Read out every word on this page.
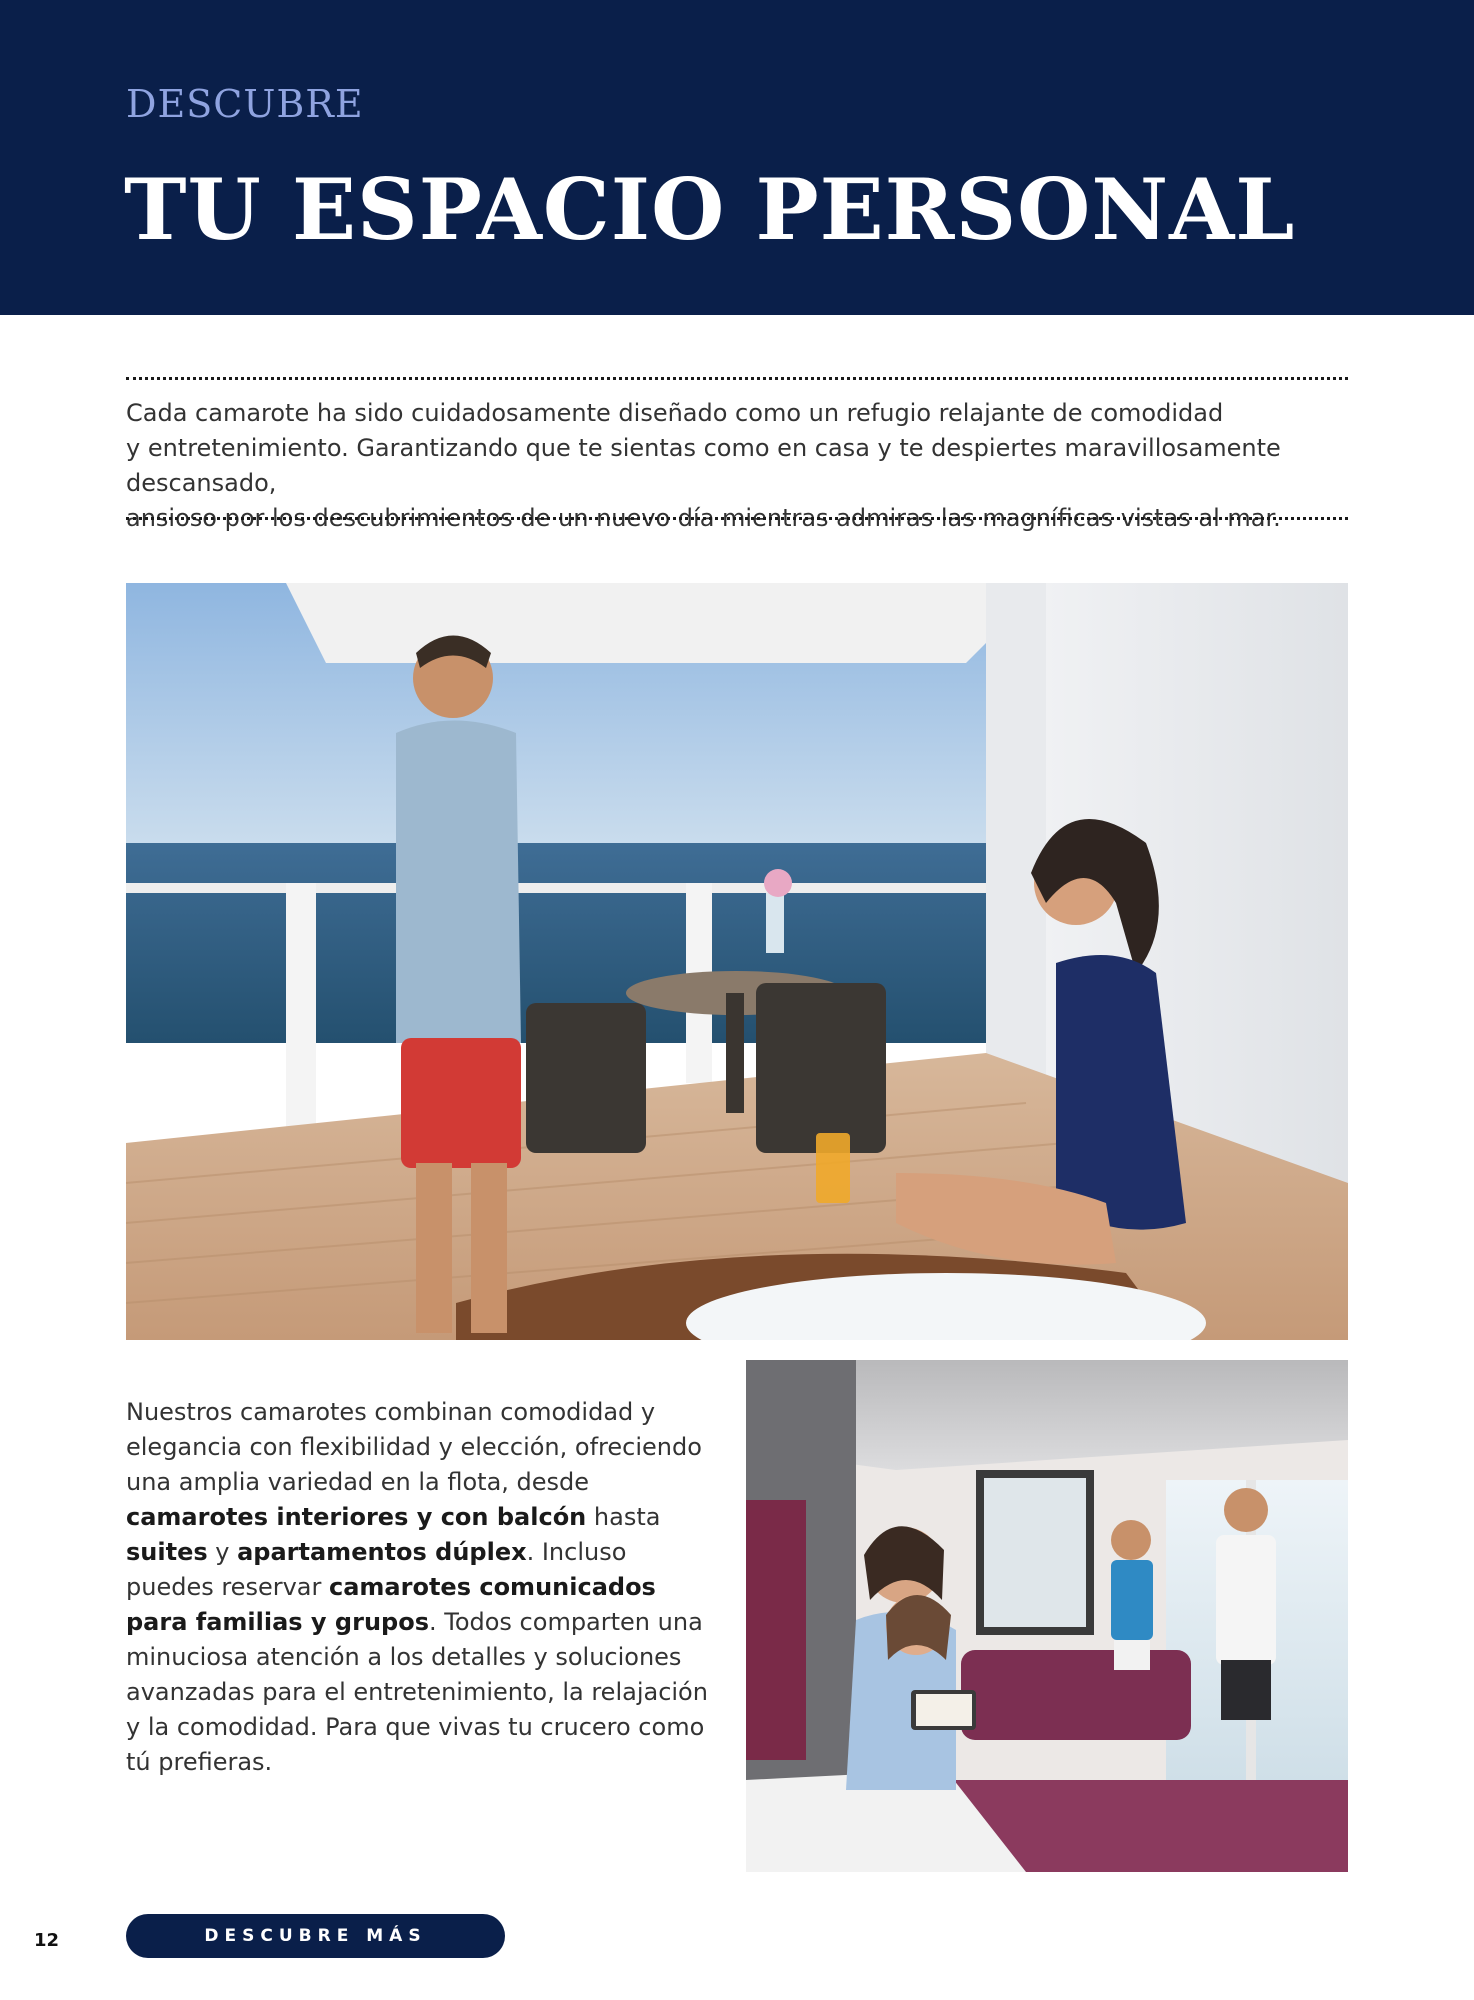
DESCUBRE
TU ESPACIO PERSONAL
Cada camarote ha sido cuidadosamente diseñado como un refugio relajante de comodidad
y entretenimiento. Garantizando que te sientas como en casa y te despiertes maravillosamente descansado,
ansioso por los descubrimientos de un nuevo día mientras admiras las magníficas vistas al mar.
Nuestros camarotes combinan comodidad y elegancia con flexibilidad y elección, ofreciendo una amplia variedad en la flota, desde camarotes interiores y con balcón hasta suites y apartamentos dúplex. Incluso puedes reservar camarotes comunicados para familias y grupos. Todos comparten una minuciosa atención a los detalles y soluciones avanzadas para el entretenimiento, la relajación y la comodidad. Para que vivas tu crucero como tú prefieras.
12	DESCUBRE MÁS
